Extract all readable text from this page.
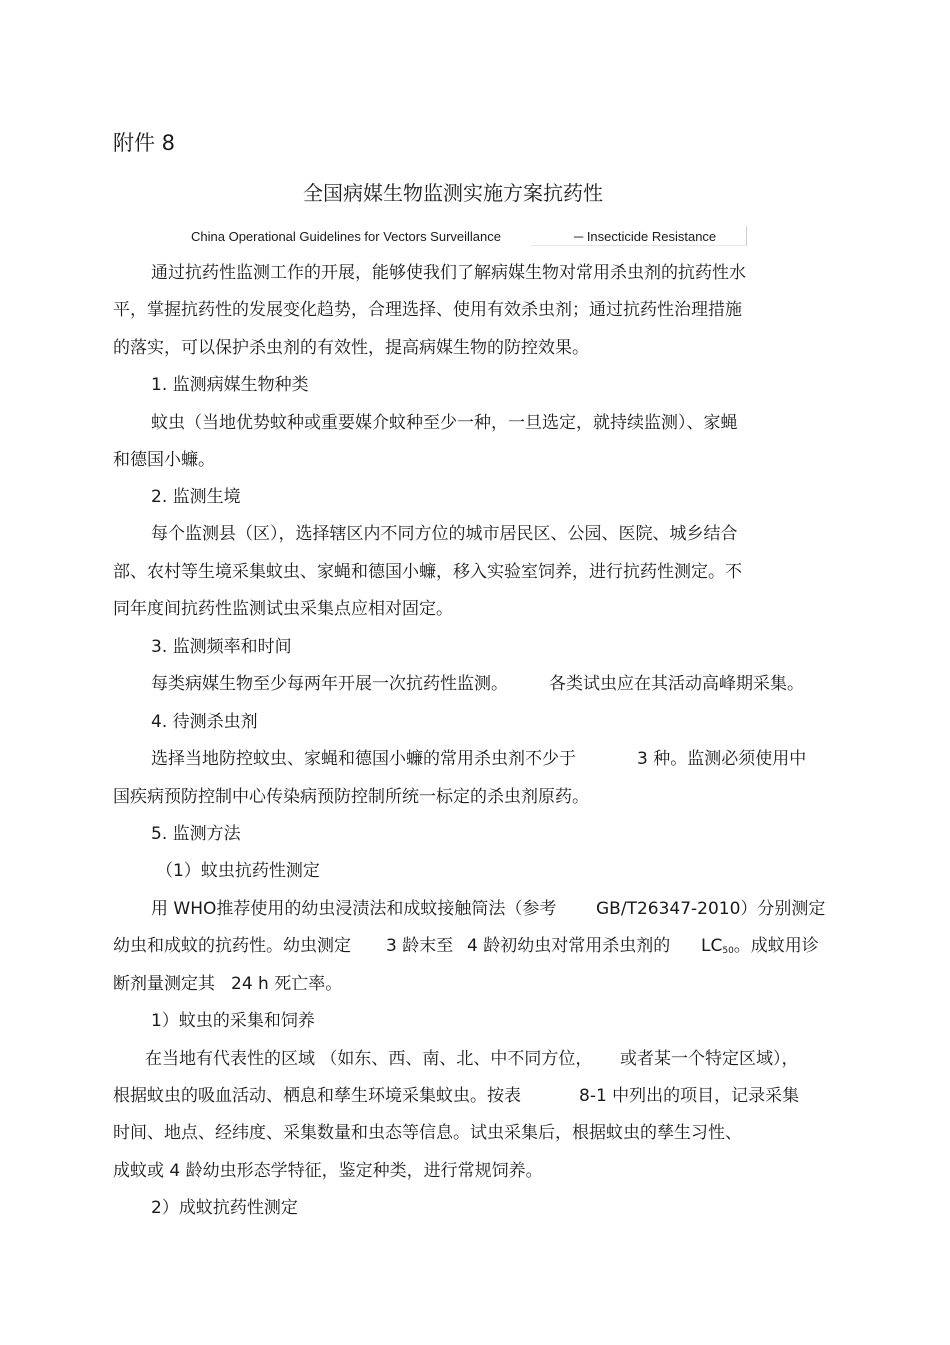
附件 8
全国病媒生物监测实施方案抗药性
China Operational Guidelines for Vectors Surveillance	─ Insecticide Resistance
通过抗药性监测工作的开展，能够使我们了解病媒生物对常用杀虫剂的抗药性水
平，掌握抗药性的发展变化趋势，合理选择、使用有效杀虫剂；通过抗药性治理措施
的落实，可以保护杀虫剂的有效性，提高病媒生物的防控效果。
1. 监测病媒生物种类
蚊虫（当地优势蚊种或重要媒介蚊种至少一种，一旦选定，就持续监测）、家蝇
和德国小蠊。
2. 监测生境
每个监测县（区），选择辖区内不同方位的城市居民区、公园、医院、城乡结合
部、农村等生境采集蚊虫、家蝇和德国小蠊，移入实验室饲养，进行抗药性测定。不
同年度间抗药性监测试虫采集点应相对固定。
3. 监测频率和时间
每类病媒生物至少每两年开展一次抗药性监测。 各类试虫应在其活动高峰期采集。
4. 待测杀虫剂
选择当地防控蚊虫、家蝇和德国小蠊的常用杀虫剂不少于	3 种。监测必须使用中
国疾病预防控制中心传染病预防控制所统一标定的杀虫剂原药。
5. 监测方法
（1）蚊虫抗药性测定
用 WHO推荐使用的幼虫浸渍法和成蚊接触筒法（参考 GB/T26347-2010）分别测定
幼虫和成蚊的抗药性。幼虫测定 3 龄末至 4 龄初幼虫对常用杀虫剂的 $LC_{50}$。成蚊用诊
断剂量测定其 24 h 死亡率。
1）蚊虫的采集和饲养
在当地有代表性的区域 （如东、西、南、北、中不同方位， 或者某一个特定区域），
根据蚊虫的吸血活动、栖息和孳生环境采集蚊虫。按表	8-1 中列出的项目，记录采集
时间、地点、经纬度、采集数量和虫态等信息。试虫采集后，根据蚊虫的孳生习性、
成蚊或 4 龄幼虫形态学特征，鉴定种类，进行常规饲养。
2）成蚊抗药性测定
